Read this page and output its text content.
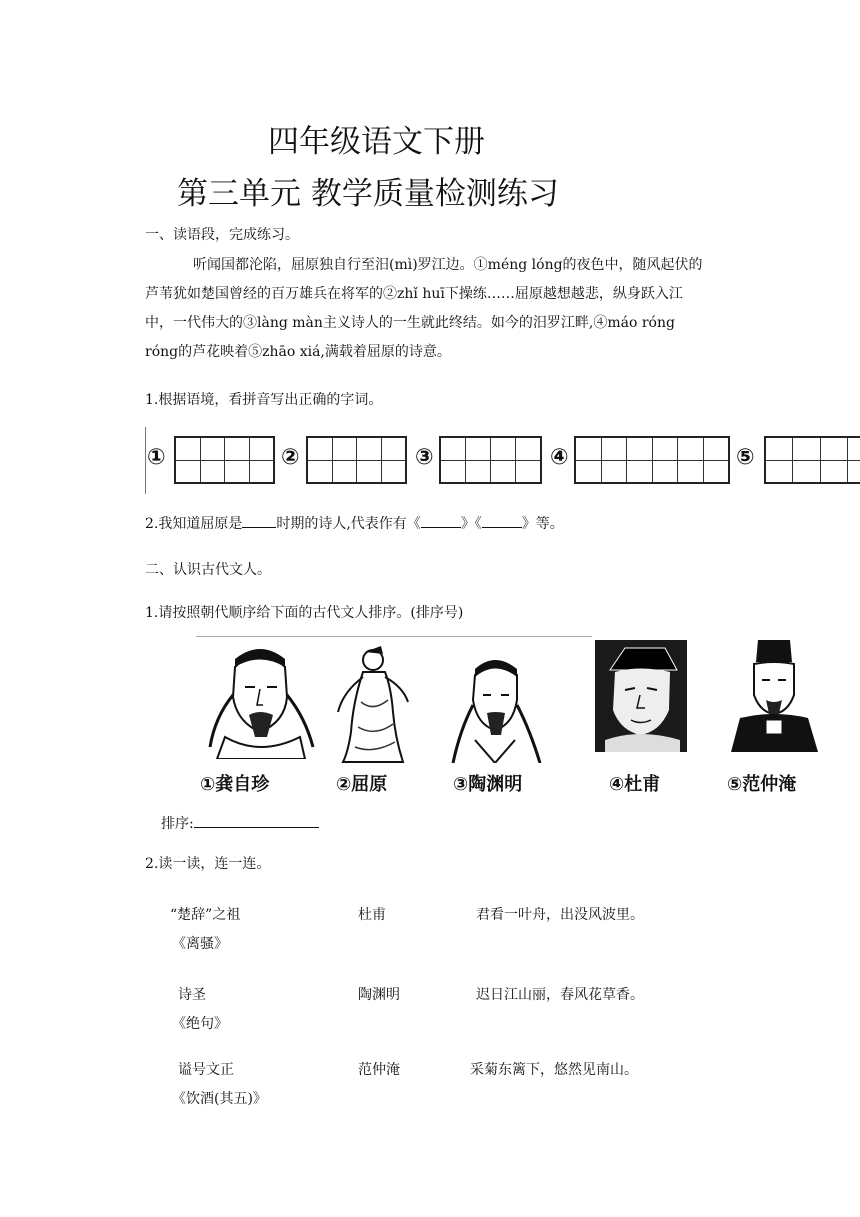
四年级语文下册
第三单元 教学质量检测练习
一、读语段，完成练习。
听闻国都沦陷，屈原独自行至汨(mì)罗江边。①méng lóng的夜色中，随风起伏的芦苇犹如楚国曾经的百万雄兵在将军的②zhǐ huī下操练……屈原越想越悲，纵身跃入江中，一代伟大的③làng màn主义诗人的一生就此终结。如今的汨罗江畔,④máo róng róng的芦花映着⑤zhāo xiá,满载着屈原的诗意。
1.根据语境，看拼音写出正确的字词。
①	②	③	④	⑤
2.我知道屈原是 时期的诗人,代表作有《	》《	》等。
二、认识古代文人。
1.请按照朝代顺序给下面的古代文人排序。(排序号)
①龚自珍	②屈原	③陶渊明	④杜甫	⑤范仲淹
排序:
2.读一读，连一连。
“楚辞”之祖	杜甫	君看一叶舟，出没风波里。
《离骚》
诗圣	陶渊明	迟日江山丽，春风花草香。
《绝句》
谥号文正	范仲淹	采菊东篱下，悠然见南山。
《饮酒(其五)》
